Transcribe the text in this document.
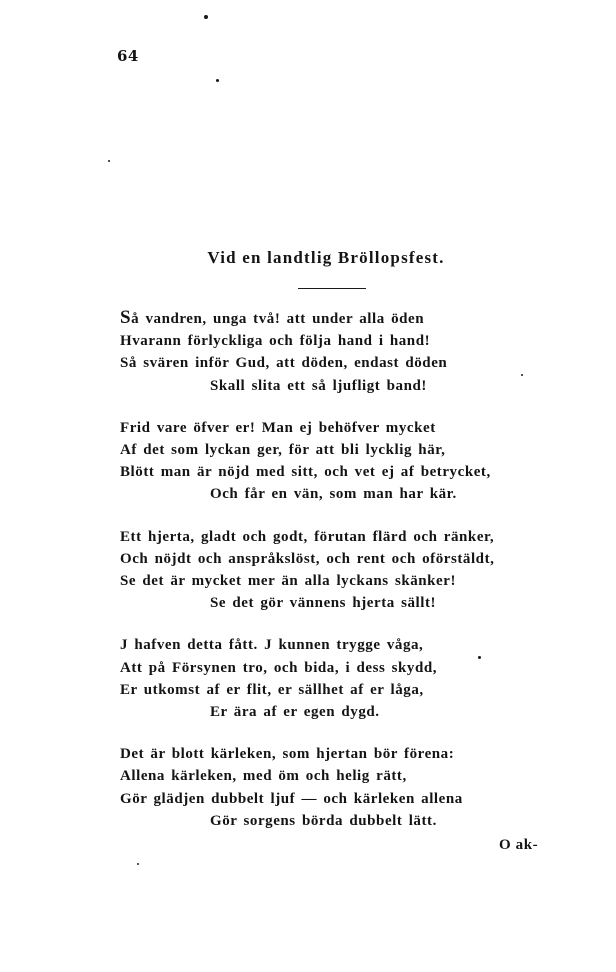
64
Vid en landtlig Bröllopsfest.
Så vandren, unga två! att under alla öden
Hvarann förlyckliga och följa hand i hand!
Så svären inför Gud, att döden, endast döden
Skall slita ett så ljufligt band!
Frid vare öfver er! Man ej behöfver mycket
Af det som lyckan ger, för att bli lycklig här,
Blött man är nöjd med sitt, och vet ej af betrycket,
Och får en vän, som man har kär.
Ett hjerta, gladt och godt, förutan flärd och ränker,
Och nöjdt och anspråkslöst, och rent och oförstäldt,
Se det är mycket mer än alla lyckans skänker!
Se det gör vännens hjerta sällt!
J hafven detta fått. J kunnen trygge våga,
Att på Försynen tro, och bida, i dess skydd,
Er utkomst af er flit, er sällhet af er låga,
Er ära af er egen dygd.
Det är blott kärleken, som hjertan bör förena:
Allena kärleken, med öm och helig rätt,
Gör glädjen dubbelt ljuf — och kärleken allena
Gör sorgens börda dubbelt lätt.
O ak-
